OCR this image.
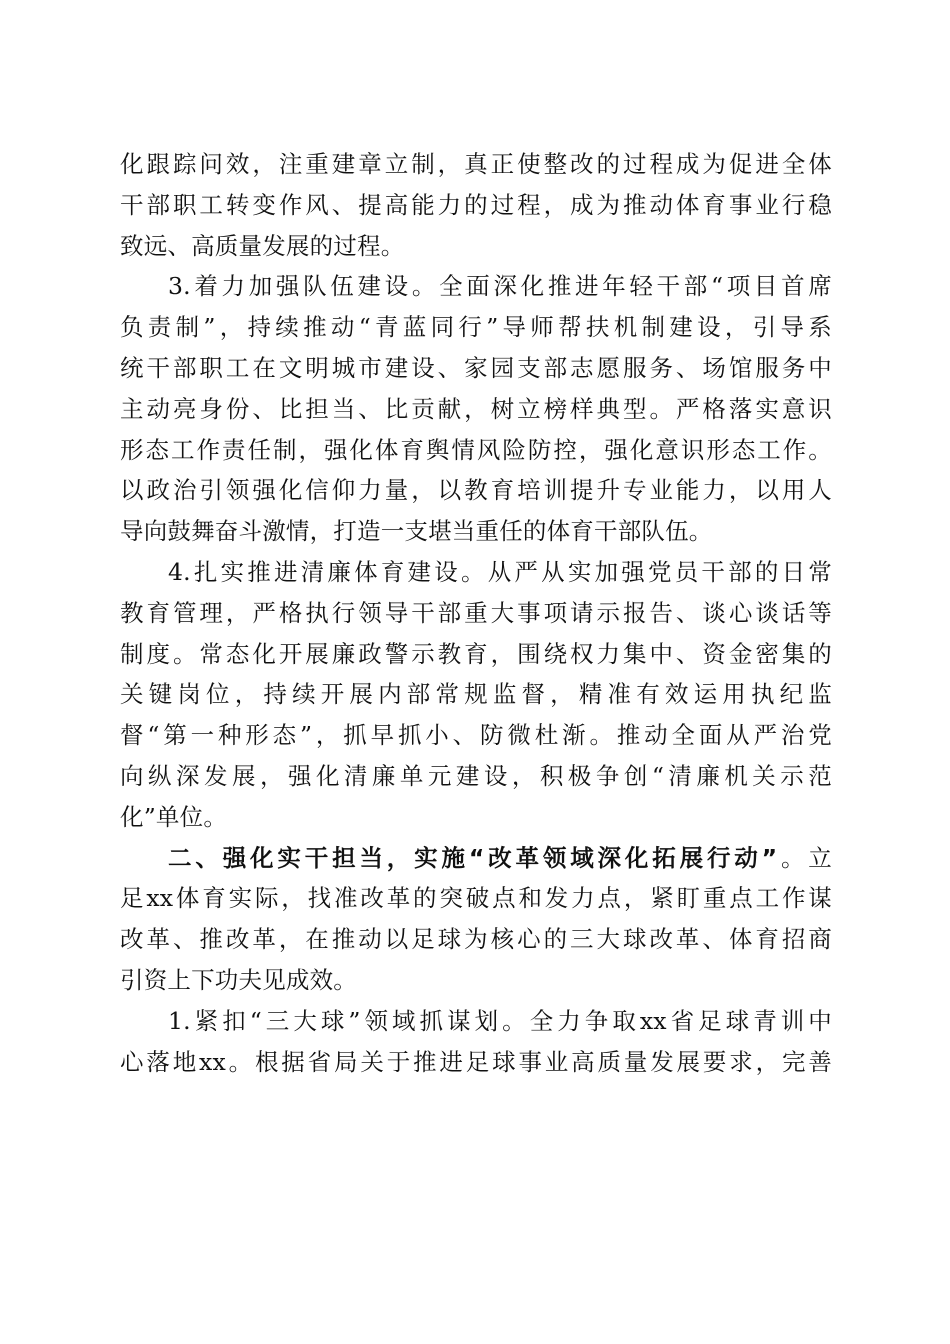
化跟踪问效，注重建章立制，真正使整改的过程成为促进全体
干部职工转变作风、提高能力的过程，成为推动体育事业行稳
致远、高质量发展的过程。
3.着力加强队伍建设。全面深化推进年轻干部“项目首席
负责制”，持续推动“青蓝同行”导师帮扶机制建设，引导系
统干部职工在文明城市建设、家园支部志愿服务、场馆服务中
主动亮身份、比担当、比贡献，树立榜样典型。严格落实意识
形态工作责任制，强化体育舆情风险防控，强化意识形态工作。
以政治引领强化信仰力量，以教育培训提升专业能力，以用人
导向鼓舞奋斗激情，打造一支堪当重任的体育干部队伍。
4.扎实推进清廉体育建设。从严从实加强党员干部的日常
教育管理，严格执行领导干部重大事项请示报告、谈心谈话等
制度。常态化开展廉政警示教育，围绕权力集中、资金密集的
关键岗位，持续开展内部常规监督，精准有效运用执纪监
督“第一种形态”，抓早抓小、防微杜渐。推动全面从严治党
向纵深发展，强化清廉单元建设，积极争创“清廉机关示范
化”单位。
二、强化实干担当，实施“改革领域深化拓展行动”。立
足xx体育实际，找准改革的突破点和发力点，紧盯重点工作谋
改革、推改革，在推动以足球为核心的三大球改革、体育招商
引资上下功夫见成效。
1.紧扣“三大球”领域抓谋划。全力争取xx省足球青训中
心落地xx。根据省局关于推进足球事业高质量发展要求，完善
